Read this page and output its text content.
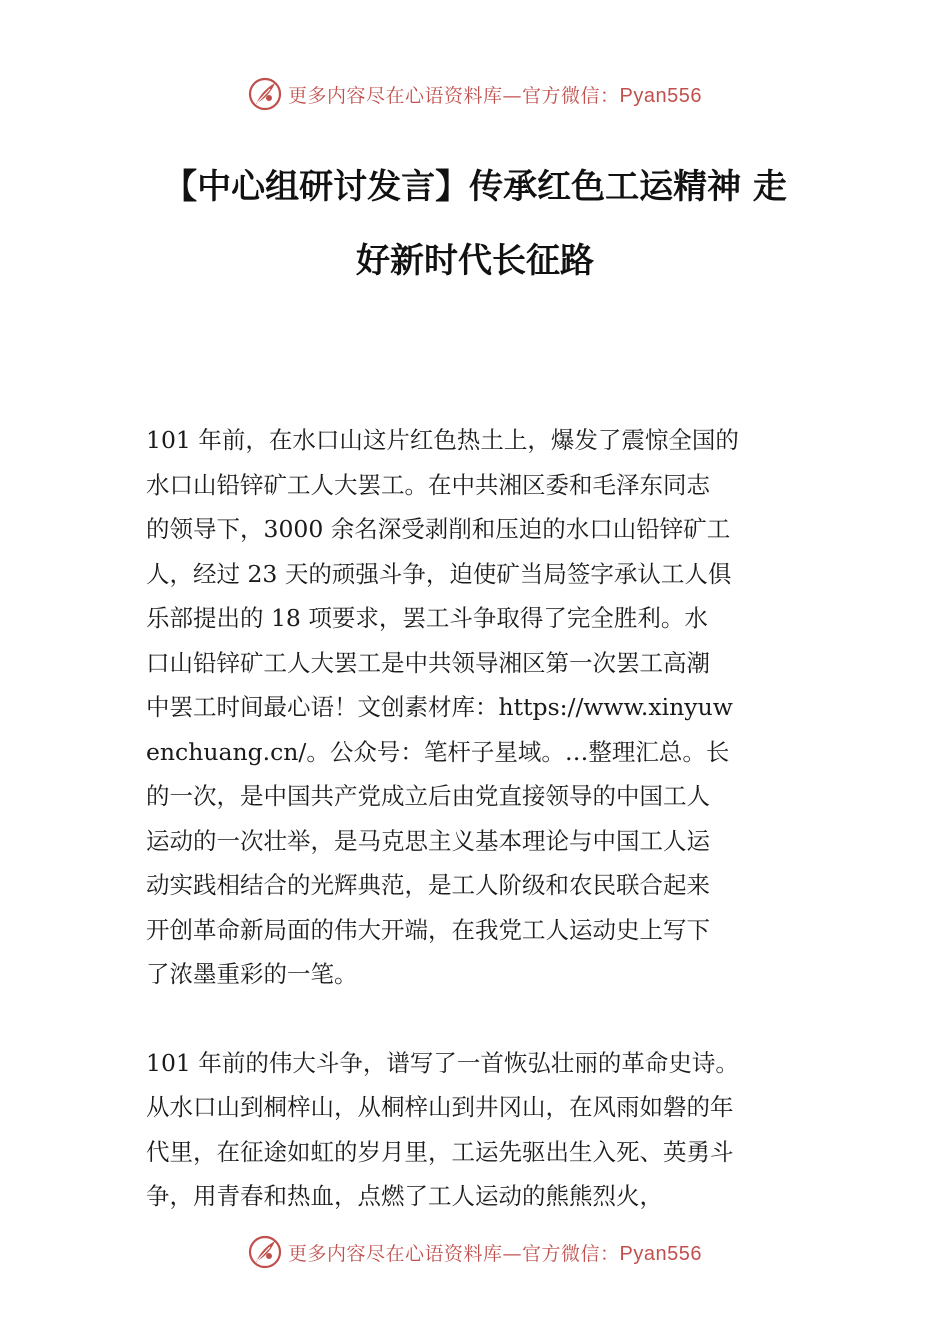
更多内容尽在心语资料库—官方微信：Pyan556
【中心组研讨发言】传承红色工运精神 走
好新时代长征路

101 年前，在水口山这片红色热土上，爆发了震惊全国的
水口山铅锌矿工人大罢工。在中共湘区委和毛泽东同志
的领导下，3000 余名深受剥削和压迫的水口山铅锌矿工
人，经过 23 天的顽强斗争，迫使矿当局签字承认工人俱
乐部提出的 18 项要求，罢工斗争取得了完全胜利。水
口山铅锌矿工人大罢工是中共领导湘区第一次罢工高潮
中罢工时间最心语！文创素材库：https://www.xinyuw
enchuang.cn/。公众号：笔杆子星域。…整理汇总。长
的一次，是中国共产党成立后由党直接领导的中国工人
运动的一次壮举，是马克思主义基本理论与中国工人运
动实践相结合的光辉典范，是工人阶级和农民联合起来
开创革命新局面的伟大开端，在我党工人运动史上写下
了浓墨重彩的一笔。

101 年前的伟大斗争，谱写了一首恢弘壮丽的革命史诗。
从水口山到桐梓山，从桐梓山到井冈山，在风雨如磐的年
代里，在征途如虹的岁月里，工运先驱出生入死、英勇斗
争，用青春和热血，点燃了工人运动的熊熊烈火，

更多内容尽在心语资料库—官方微信：Pyan556
